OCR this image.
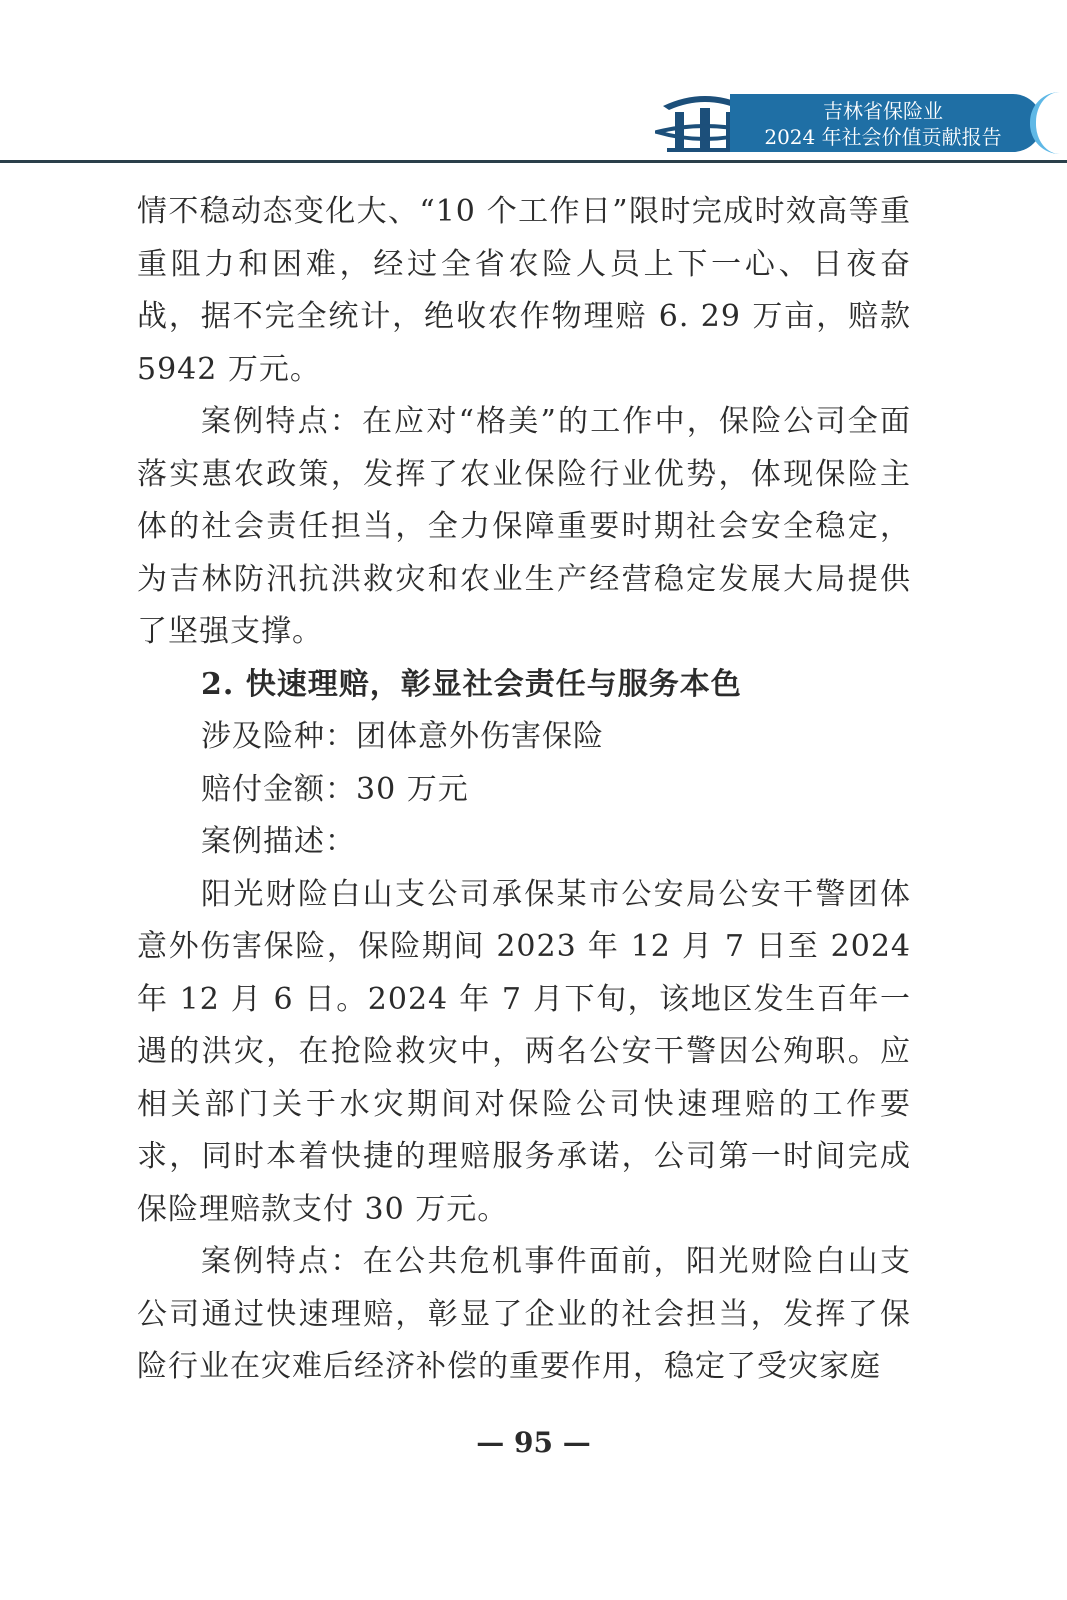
吉林省保险业
2024 年社会价值贡献报告

情不稳动态变化大、“10 个工作日”限时完成时效高等重重阻力和困难，经过全省农险人员上下一心、日夜奋战，据不完全统计，绝收农作物理赔 6. 29 万亩，赔款 5942 万元。

案例特点：在应对“格美”的工作中，保险公司全面落实惠农政策，发挥了农业保险行业优势，体现保险主体的社会责任担当，全力保障重要时期社会安全稳定，为吉林防汛抗洪救灾和农业生产经营稳定发展大局提供了坚强支撑。

2. 快速理赔，彰显社会责任与服务本色

涉及险种：团体意外伤害保险

赔付金额：30 万元

案例描述：

阳光财险白山支公司承保某市公安局公安干警团体意外伤害保险，保险期间 2023 年 12 月 7 日至 2024 年 12 月 6 日。2024 年 7 月下旬，该地区发生百年一遇的洪灾，在抢险救灾中，两名公安干警因公殉职。应相关部门关于水灾期间对保险公司快速理赔的工作要求，同时本着快捷的理赔服务承诺，公司第一时间完成保险理赔款支付 30 万元。

案例特点：在公共危机事件面前，阳光财险白山支公司通过快速理赔，彰显了企业的社会担当，发挥了保险行业在灾难后经济补偿的重要作用，稳定了受灾家庭

— 95 —
